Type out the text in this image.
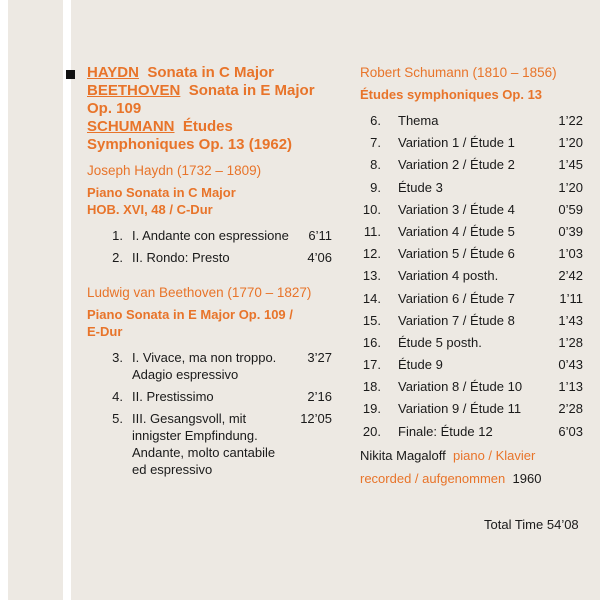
HAYDN Sonata in C Major
BEETHOVEN Sonata in E Major
Op. 109
SCHUMANN Études
Symphoniques Op. 13 (1962)
Joseph Haydn (1732 – 1809)
Piano Sonata in C Major
HOB. XVI, 48 / C-Dur
1. I. Andante con espressione	6’11
2. II. Rondo: Presto	4’06
Ludwig van Beethoven (1770 – 1827)
Piano Sonata in E Major Op. 109 /
E-Dur
3. I. Vivace, ma non troppo. Adagio espressivo
3’27
4. II. Prestissimo	2’16
5. III. Gesangsvoll, mit innigster Empfindung. Andante, molto cantabile ed espressivo
12’05
Robert Schumann (1810 – 1856)
Études symphoniques Op. 13
6.	Thema	1’22
7.	Variation 1 / Étude 1	1’20
8.	Variation 2 / Étude 2	1’45
9.	Étude 3	1’20
10.	Variation 3 / Étude 4	0’59
11.	Variation 4 / Étude 5	0’39
12.	Variation 5 / Étude 6	1’03
13.	Variation 4 posth.	2’42
14.	Variation 6 / Étude 7	1’11
15.	Variation 7 / Étude 8	1’43
16.	Étude 5 posth.	1’28
17.	Étude 9	0’43
18.	Variation 8 / Étude 10	1’13
19.	Variation 9 / Étude 11	2’28
20.	Finale: Étude 12	6’03
Nikita Magaloff piano / Klavier
recorded / aufgenommen 1960
Total Time 54’08
